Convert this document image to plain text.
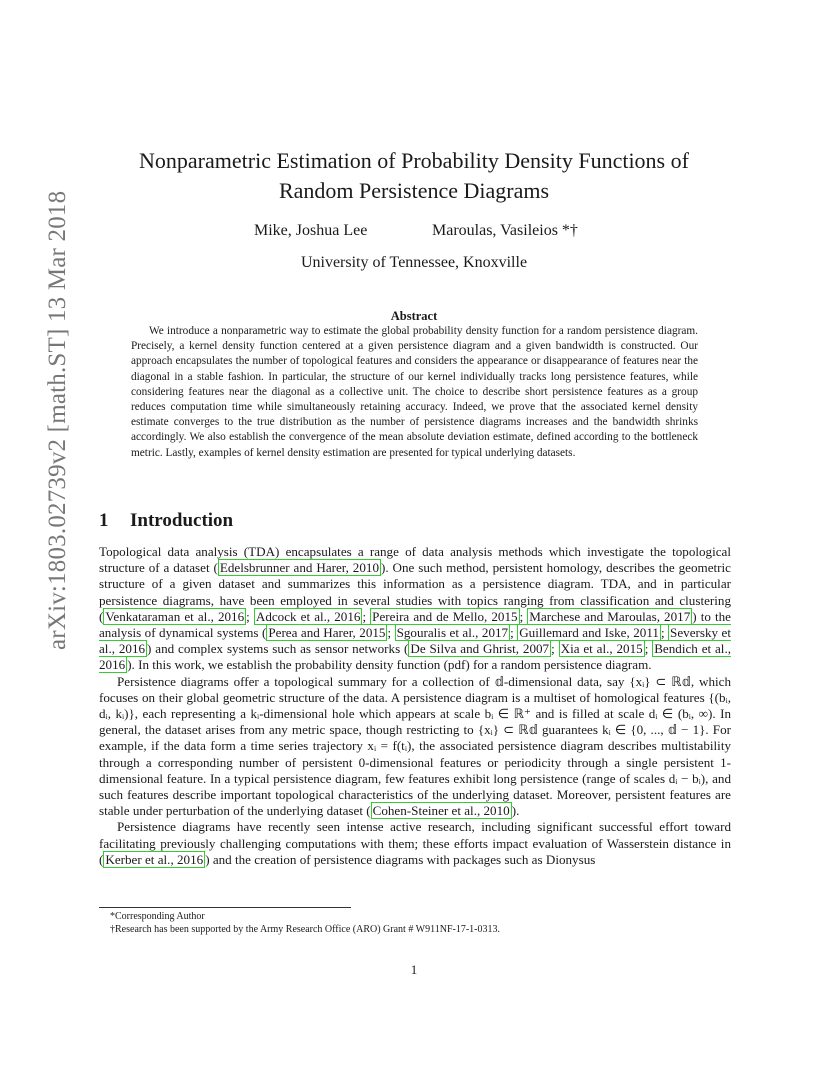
arXiv:1803.02739v2 [math.ST] 13 Mar 2018
Nonparametric Estimation of Probability Density Functions of
Random Persistence Diagrams
Mike, Joshua Lee	Maroulas, Vasileios *†
University of Tennessee, Knoxville
Abstract
We introduce a nonparametric way to estimate the global probability density function for a random persistence diagram. Precisely, a kernel density function centered at a given persistence diagram and a given bandwidth is constructed. Our approach encapsulates the number of topological features and considers the appearance or disappearance of features near the diagonal in a stable fashion. In particular, the structure of our kernel individually tracks long persistence features, while considering features near the diagonal as a collective unit. The choice to describe short persistence features as a group reduces computation time while simultaneously retaining accuracy. Indeed, we prove that the associated kernel density estimate converges to the true distribution as the number of persistence diagrams increases and the bandwidth shrinks accordingly. We also establish the convergence of the mean absolute deviation estimate, defined according to the bottleneck metric. Lastly, examples of kernel density estimation are presented for typical underlying datasets.
1 Introduction

Topological data analysis (TDA) encapsulates a range of data analysis methods which investigate the topological structure of a dataset ( Edelsbrunner and Harer, 2010 ). One such method, persistent homology, describes the geometric structure of a given dataset and summarizes this information as a persistence diagram. TDA, and in particular persistence diagrams, have been employed in several studies with topics ranging from classification and clustering ( Venkataraman et al., 2016 ; Adcock et al., 2016 ; Pereira and de Mello, 2015 ; Marchese and Maroulas, 2017 ) to the analysis of dynamical systems ( Perea and Harer, 2015 ; Sgouralis et al., 2017 ; Guillemard and Iske, 2011 ; Seversky et al., 2016 ) and complex systems such as sensor networks ( De Silva and Ghrist, 2007 ; Xia et al., 2015 ; Bendich et al., 2016 ). In this work, we establish the probability density function (pdf) for a random persistence diagram.

Persistence diagrams offer a topological summary for a collection of 𝕕-dimensional data, say {xᵢ} ⊂ ℝ𝕕, which focuses on their global geometric structure of the data. A persistence diagram is a multiset of homological features {(bᵢ, dᵢ, kᵢ)}, each representing a kᵢ-dimensional hole which appears at scale bᵢ ∈ ℝ⁺ and is filled at scale dᵢ ∈ (bᵢ, ∞). In general, the dataset arises from any metric space, though restricting to {xᵢ} ⊂ ℝ𝕕 guarantees kᵢ ∈ {0, ..., 𝕕 − 1}. For example, if the data form a time series trajectory xᵢ = f(tᵢ), the associated persistence diagram describes multistability through a corresponding number of persistent 0-dimensional features or periodicity through a single persistent 1-dimensional feature. In a typical persistence diagram, few features exhibit long persistence (range of scales dᵢ − bᵢ), and such features describe important topological characteristics of the underlying dataset. Moreover, persistent features are stable under perturbation of the underlying dataset ( Cohen-Steiner et al., 2010 ).

Persistence diagrams have recently seen intense active research, including significant successful effort toward facilitating previously challenging computations with them; these efforts impact evaluation of Wasserstein distance in ( Kerber et al., 2016 ) and the creation of persistence diagrams with packages such as Dionysus

*Corresponding Author
†Research has been supported by the Army Research Office (ARO) Grant # W911NF-17-1-0313.
1
